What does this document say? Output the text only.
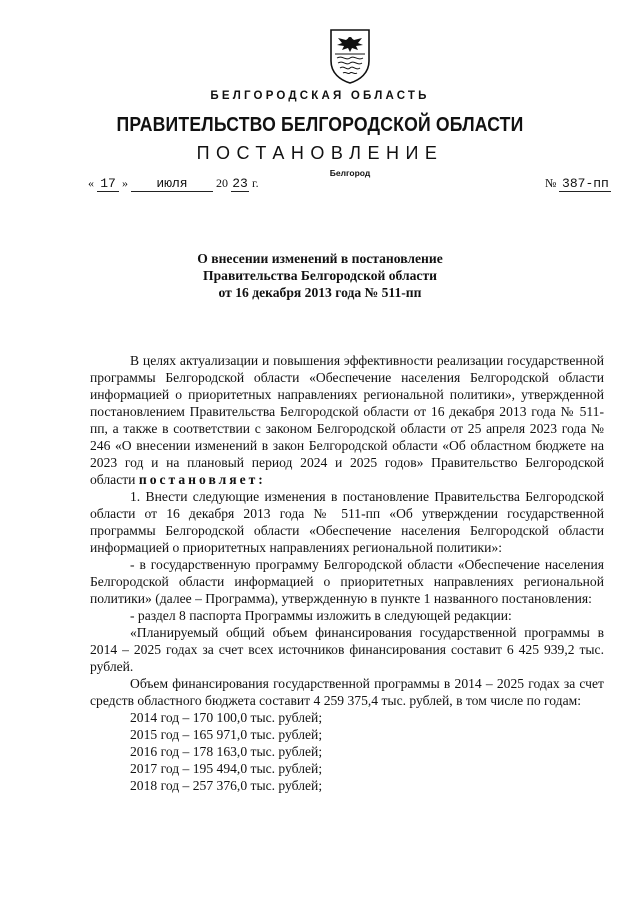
БЕЛГОРОДСКАЯ ОБЛАСТЬ
ПРАВИТЕЛЬСТВО БЕЛГОРОДСКОЙ ОБЛАСТИ
ПОСТАНОВЛЕНИЕ
Белгород
« 17 » июля 20 23 г.	№ 387-пп
О внесении изменений в постановление
Правительства Белгородской области
от 16 декабря 2013 года № 511-пп

В целях актуализации и повышения эффективности реализации государственной программы Белгородской области «Обеспечение населения Белгородской области информацией о приоритетных направлениях региональной политики», утвержденной постановлением Правительства Белгородской области от 16 декабря 2013 года № 511-пп, а также в соответствии с законом Белгородской области от 25 апреля 2023 года № 246 «О внесении изменений в закон Белгородской области «Об областном бюджете на 2023 год и на плановый период 2024 и 2025 годов» Правительство Белгородской области постановляет:

1. Внести следующие изменения в постановление Правительства Белгородской области от 16 декабря 2013 года № 511-пп «Об утверждении государственной программы Белгородской области «Обеспечение населения Белгородской области информацией о приоритетных направлениях региональной политики»:

- в государственную программу Белгородской области «Обеспечение населения Белгородской области информацией о приоритетных направлениях региональной политики» (далее – Программа), утвержденную в пункте 1 названного постановления:

- раздел 8 паспорта Программы изложить в следующей редакции:

«Планируемый общий объем финансирования государственной программы в 2014 – 2025 годах за счет всех источников финансирования составит 6 425 939,2 тыс. рублей.

Объем финансирования государственной программы в 2014 – 2025 годах за счет средств областного бюджета составит 4 259 375,4 тыс. рублей, в том числе по годам:

2014 год – 170 100,0 тыс. рублей;
2015 год – 165 971,0 тыс. рублей;
2016 год – 178 163,0 тыс. рублей;
2017 год – 195 494,0 тыс. рублей;
2018 год – 257 376,0 тыс. рублей;
